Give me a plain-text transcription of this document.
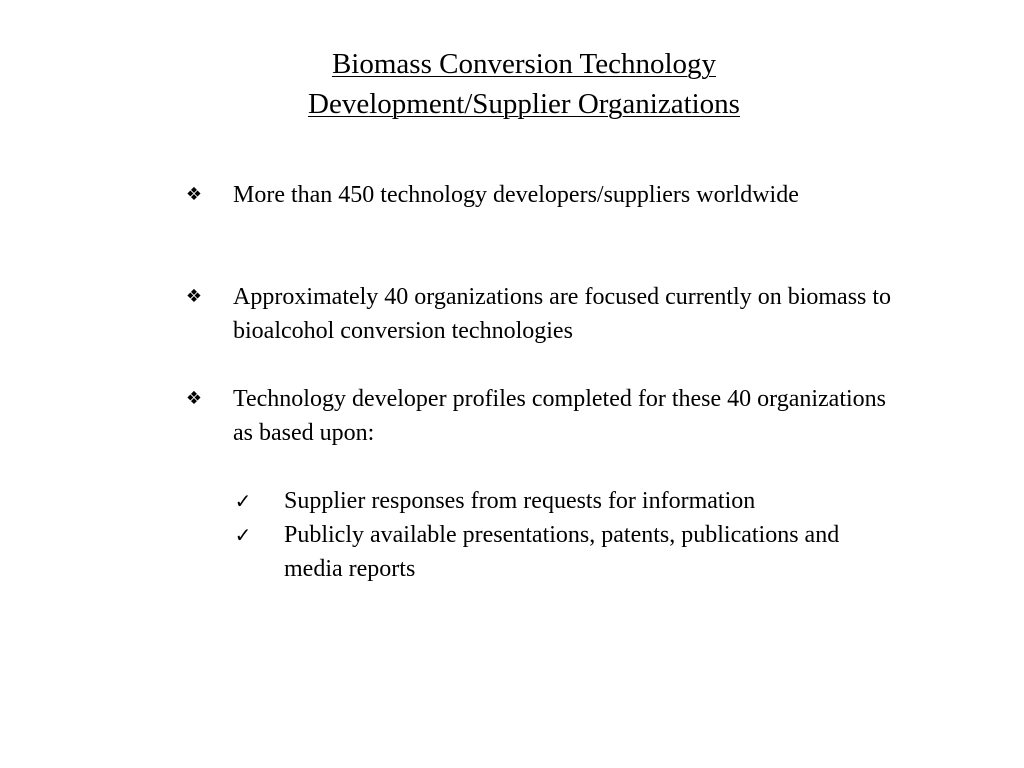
Biomass Conversion Technology
Development/Supplier Organizations
❖ More than 450 technology developers/suppliers worldwide
❖ Approximately 40 organizations are focused currently on biomass to bioalcohol conversion technologies
❖ Technology developer profiles completed for these 40 organizations as based upon:
✓ Supplier responses from requests for information
✓ Publicly available presentations, patents, publications and media reports
